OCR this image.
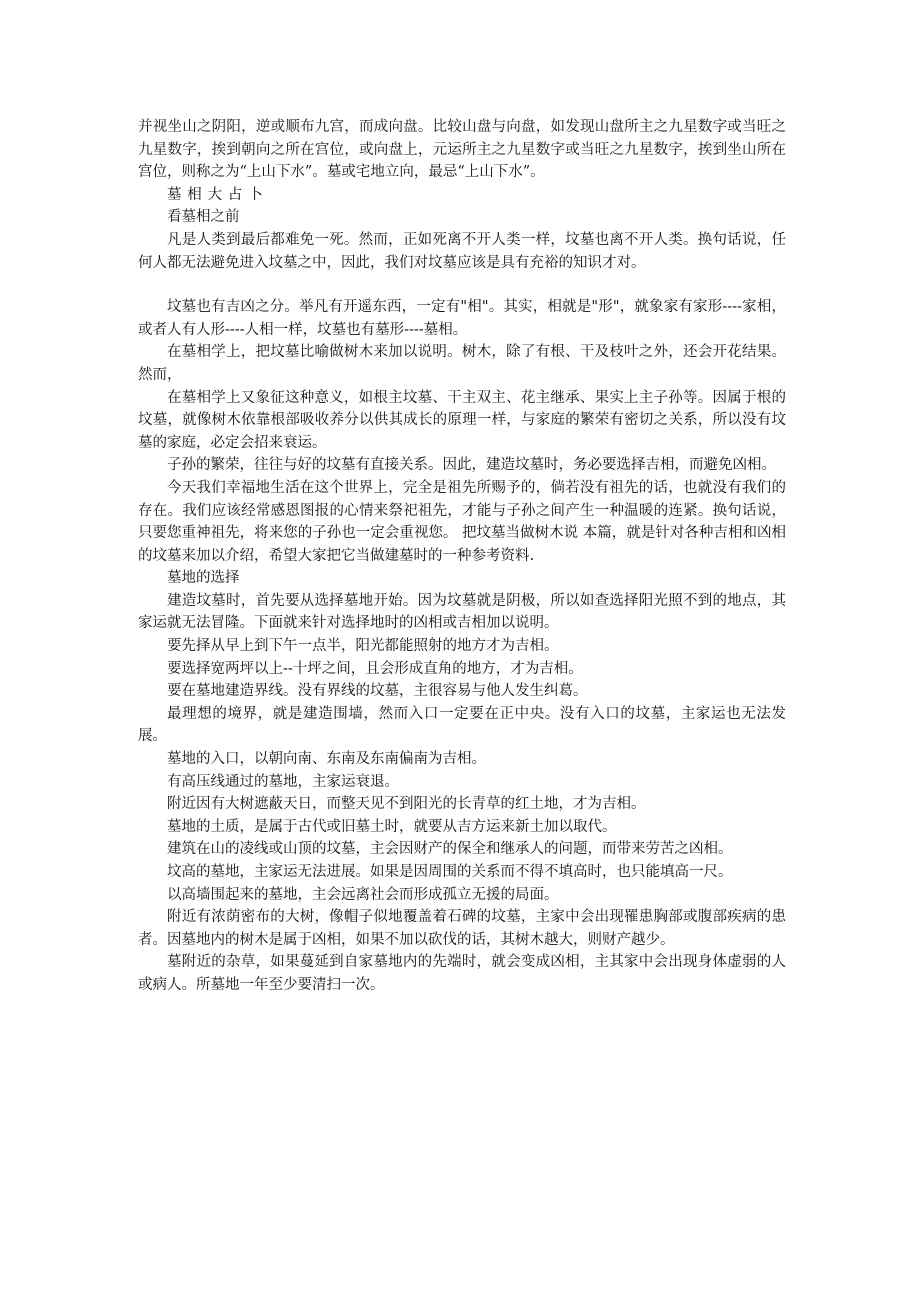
并视坐山之阴阳，逆或顺布九宫，而成向盘。比较山盘与向盘，如发现山盘所主之九星数字或当旺之九星数字，挨到朝向之所在宫位，或向盘上，元运所主之九星数字或当旺之九星数字，挨到坐山所在宫位，则称之为“上山下水”。墓或宅地立向，最忌“上山下水”。

墓相大占卜

看墓相之前

凡是人类到最后都难免一死。然而，正如死离不开人类一样，坟墓也离不开人类。换句话说，任何人都无法避免进入坟墓之中，因此，我们对坟墓应该是具有充裕的知识才对。

坟墓也有吉凶之分。举凡有开遥东西，一定有"相"。其实，相就是"形"，就象家有家形----家相，或者人有人形----人相一样，坟墓也有墓形----墓相。

在墓相学上，把坟墓比喻做树木来加以说明。树木，除了有根、干及枝叶之外，还会开花结果。然而，

在墓相学上又象征这种意义，如根主坟墓、干主双主、花主继承、果实上主子孙等。因属于根的坟墓，就像树木依靠根部吸收养分以供其成长的原理一样，与家庭的繁荣有密切之关系，所以没有坟墓的家庭，必定会招来衰运。

子孙的繁荣，往往与好的坟墓有直接关系。因此，建造坟墓时，务必要选择吉相，而避免凶相。

今天我们幸福地生活在这个世界上，完全是祖先所赐予的，倘若没有祖先的话，也就没有我们的存在。我们应该经常感恩图报的心情来祭祀祖先，才能与子孙之间产生一种温暖的连紧。换句话说，只要您重神祖先，将来您的子孙也一定会重视您。 把坟墓当做树木说 本篇，就是针对各种吉相和凶相的坟墓来加以介绍，希望大家把它当做建墓时的一种参考资料.

墓地的选择

建造坟墓时，首先要从选择墓地开始。因为坟墓就是阴极，所以如查选择阳光照不到的地点，其家运就无法冒隆。下面就来针对选择地时的凶相或吉相加以说明。

要先择从早上到下午一点半，阳光都能照射的地方才为吉相。

要选择宽两坪以上--十坪之间，且会形成直角的地方，才为吉相。

要在墓地建造界线。没有界线的坟墓，主很容易与他人发生纠葛。

最理想的境界，就是建造围墙，然而入口一定要在正中央。没有入口的坟墓，主家运也无法发展。

墓地的入口，以朝向南、东南及东南偏南为吉相。

有高压线通过的墓地，主家运衰退。

附近因有大树遮蔽天日，而整天见不到阳光的长青草的红土地，才为吉相。

墓地的土质，是属于古代或旧墓土时，就要从吉方运来新土加以取代。

建筑在山的凌线或山顶的坟墓，主会因财产的保全和继承人的问题，而带来劳苦之凶相。

坟高的墓地，主家运无法进展。如果是因周围的关系而不得不填高时，也只能填高一尺。

以高墙围起来的墓地，主会远离社会而形成孤立无援的局面。

附近有浓荫密布的大树，像帽子似地覆盖着石碑的坟墓，主家中会出现罹患胸部或腹部疾病的患者。因墓地内的树木是属于凶相，如果不加以砍伐的话，其树木越大，则财产越少。

墓附近的杂草，如果蔓延到自家墓地内的先端时，就会变成凶相，主其家中会出现身体虚弱的人或病人。所墓地一年至少要清扫一次。
